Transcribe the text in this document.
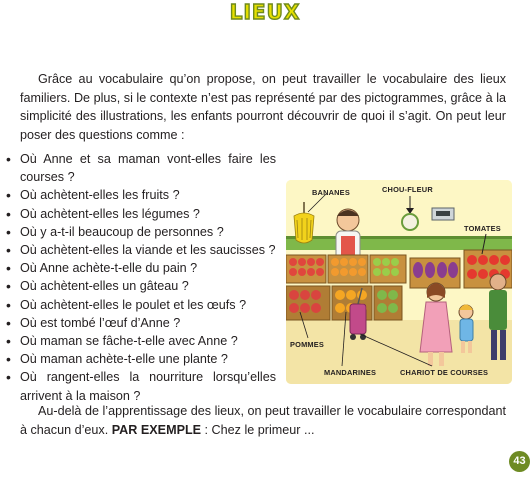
LIEUX

Grâce au vocabulaire qu’on propose, on peut travailler le vocabulaire des lieux familiers. De plus, si le contexte n’est pas représenté par des pictogrammes, grâce à la simplicité des illustrations, les enfants pourront découvrir de quoi il s’agit. On peut leur poser des questions comme :

• Où Anne et sa maman vont-elles faire les courses ?
• Où achètent-elles les fruits ?
• Où achètent-elles les légumes ?
• Où y a-t-il beaucoup de personnes ?
• Où achètent-elles la viande et les saucisses ?
• Où Anne achète-t-elle du pain ?
• Où achètent-elles un gâteau ?
• Où achètent-elles le poulet et les œufs ?
• Où est tombé l’œuf d’Anne ?
• Où maman se fâche-t-elle avec Anne ?
• Où maman achète-t-elle une plante ?
• Où rangent-elles la nourriture lorsqu’elles arrivent à la maison ?
BANANES	CHOU-FLEUR
TOMATES
POMMES
MANDARINES	CHARIOT DE COURSES

Au-delà de l’apprentissage des lieux, on peut travailler le vocabulaire correspondant à chacun d’eux. PAR EXEMPLE : Chez le primeur ...

43
